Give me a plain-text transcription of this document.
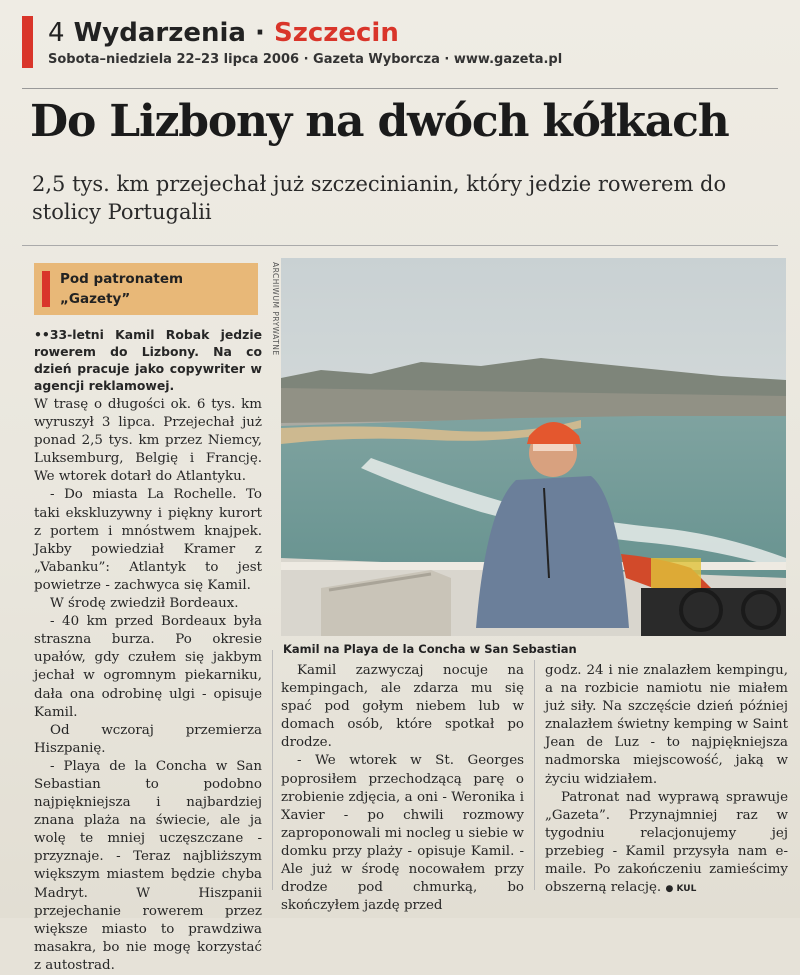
4 Wydarzenia · Szczecin
Sobota–niedziela 22–23 lipca 2006 · Gazeta Wyborcza · www.gazeta.pl
Do Lizbony na dwóch kółkach
2,5 tys. km przejechał już szczecinianin, który jedzie rowerem do stolicy Portugalii
Pod patronatem
„Gazety”

••33-letni Kamil Robak jedzie rowerem do Lizbony. Na co dzień pracuje jako copywriter w agencji reklamowej.

W trasę o długości ok. 6 tys. km wyruszył 3 lipca. Przejechał już ponad 2,5 tys. km przez Niemcy, Luksemburg, Belgię i Francję. We wtorek dotarł do Atlantyku.

- Do miasta La Rochelle. To taki ekskluzywny i piękny kurort z portem i mnóstwem knajpek. Jakby powiedział Kramer z „Vabanku”: Atlantyk to jest powietrze - zachwyca się Kamil.

W środę zwiedził Bordeaux.

- 40 km przed Bordeaux była straszna burza. Po okresie upałów, gdy czułem się jakbym jechał w ogromnym piekarniku, dała ona odrobinę ulgi - opisuje Kamil.

Od wczoraj przemierza Hiszpanię.

- Playa de la Concha w San Sebastian to podobno najpiękniejsza i najbardziej znana plaża na świecie, ale ja wolę te mniej uczęszczane - przyznaje. - Teraz najbliższym większym miastem będzie chyba Madryt. W Hiszpanii przejechanie rowerem przez większe miasto to prawdziwa masakra, bo nie mogę korzystać z autostrad.

ARCHIWUM PRYWATNE
Kamil na Playa de la Concha w San Sebastian

Kamil zazwyczaj nocuje na kempingach, ale zdarza mu się spać pod gołym niebem lub w domach osób, które spotkał po drodze.

- We wtorek w St. Georges poprosiłem przechodzącą parę o zrobienie zdjęcia, a oni - Weronika i Xavier - po chwili rozmowy zaproponowali mi nocleg u siebie w domku przy plaży - opisuje Kamil. - Ale już w środę nocowałem przy drodze pod chmurką, bo skończyłem jazdę przed

godz. 24 i nie znalazłem kempingu, a na rozbicie namiotu nie miałem już siły. Na szczęście dzień później znalazłem świetny kemping w Saint Jean de Luz - to najpiękniejsza nadmorska miejscowość, jaką w życiu widziałem.

Patronat nad wyprawą sprawuje „Gazeta”. Przynajmniej raz w tygodniu relacjonujemy jej przebieg - Kamil przysyła nam e-maile. Po zakończeniu zamieścimy obszerną relację. ● KUL
